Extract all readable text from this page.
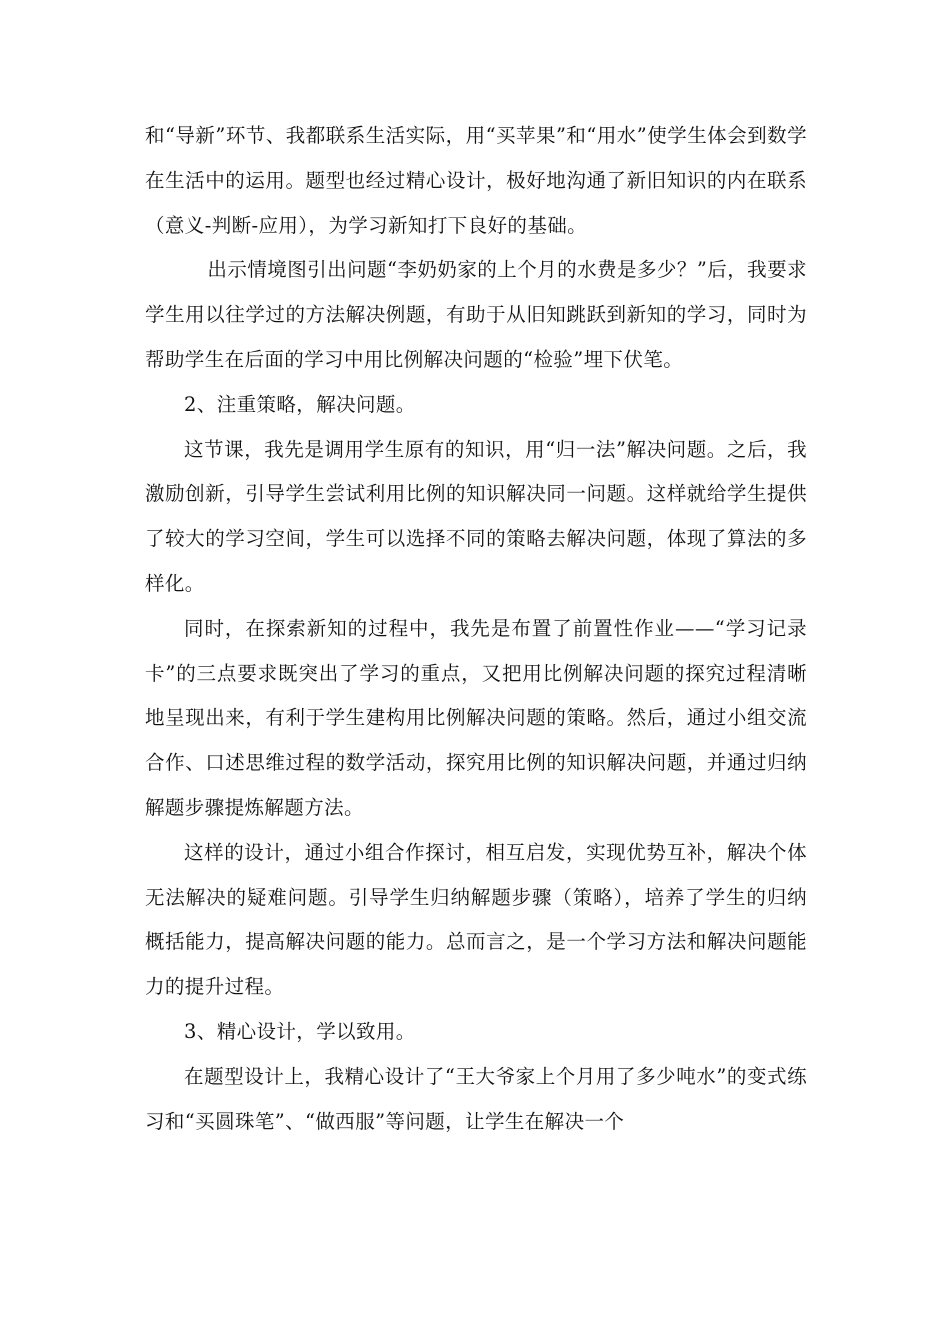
和“导新”环节、我都联系生活实际，用“买苹果”和“用水”使学生体会到数学在生活中的运用。题型也经过精心设计，极好地沟通了新旧知识的内在联系（意义-判断-应用），为学习新知打下良好的基础。

出示情境图引出问题“李奶奶家的上个月的水费是多少？”后，我要求学生用以往学过的方法解决例题，有助于从旧知跳跃到新知的学习，同时为帮助学生在后面的学习中用比例解决问题的“检验”埋下伏笔。

2、注重策略，解决问题。

这节课，我先是调用学生原有的知识，用“归一法”解决问题。之后，我激励创新，引导学生尝试利用比例的知识解决同一问题。这样就给学生提供了较大的学习空间，学生可以选择不同的策略去解决问题，体现了算法的多样化。

同时，在探索新知的过程中，我先是布置了前置性作业——“学习记录卡”的三点要求既突出了学习的重点，又把用比例解决问题的探究过程清晰地呈现出来，有利于学生建构用比例解决问题的策略。然后，通过小组交流合作、口述思维过程的数学活动，探究用比例的知识解决问题，并通过归纳解题步骤提炼解题方法。

这样的设计，通过小组合作探讨，相互启发，实现优势互补，解决个体无法解决的疑难问题。引导学生归纳解题步骤（策略），培养了学生的归纳概括能力，提高解决问题的能力。总而言之，是一个学习方法和解决问题能力的提升过程。

3、精心设计，学以致用。

在题型设计上，我精心设计了“王大爷家上个月用了多少吨水”的变式练习和“买圆珠笔”、“做西服”等问题，让学生在解决一个
